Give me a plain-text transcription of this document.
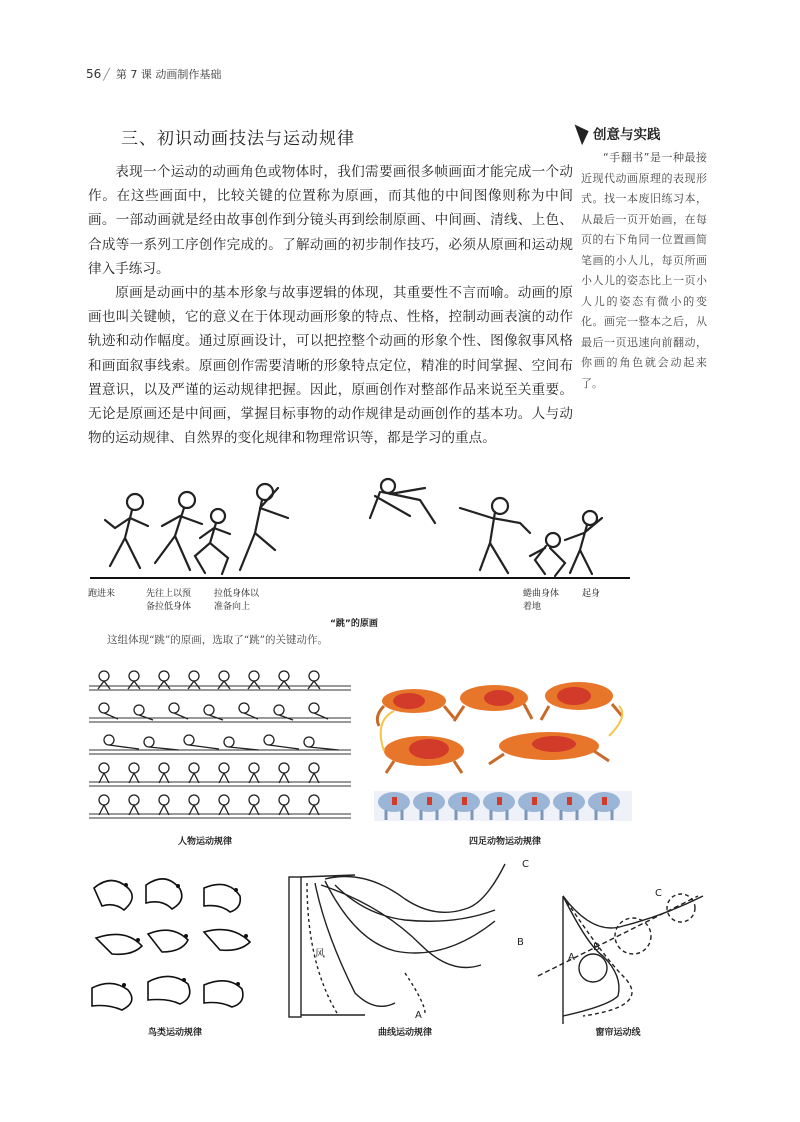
56 ╱ 第 7 课 动画制作基础
三、初识动画技法与运动规律

表现一个运动的动画角色或物体时，我们需要画很多帧画面才能完成一个动作。在这些画面中，比较关键的位置称为原画，而其他的中间图像则称为中间画。一部动画就是经由故事创作到分镜头再到绘制原画、中间画、清线、上色、合成等一系列工序创作完成的。了解动画的初步制作技巧，必须从原画和运动规律入手练习。

原画是动画中的基本形象与故事逻辑的体现，其重要性不言而喻。动画的原画也叫关键帧，它的意义在于体现动画形象的特点、性格，控制动画表演的动作轨迹和动作幅度。通过原画设计，可以把控整个动画的形象个性、图像叙事风格和画面叙事线索。原画创作需要清晰的形象特点定位，精准的时间掌握、空间布置意识，以及严谨的运动规律把握。因此，原画创作对整部作品来说至关重要。无论是原画还是中间画，掌握目标事物的动作规律是动画创作的基本功。人与动物的运动规律、自然界的变化规律和物理常识等，都是学习的重点。

创意与实践

“手翻书”是一种最接近现代动画原理的表现形式。找一本废旧练习本，从最后一页开始画，在每页的右下角同一位置画简笔画的小人儿，每页所画小人儿的姿态比上一页小人儿的姿态有微小的变化。画完一整本之后，从最后一页迅速向前翻动，你画的角色就会动起来了。

跑进来	先往上以预
备拉低身体
拉低身体以
准备向上
蜷曲身体
着地
起身
“跳”的原画
这组体现“跳”的原画，选取了“跳”的关键动作。
人物运动规律	四足动物运动规律
鸟类运动规律
风
C
B
A
曲线运动规律
C
B
A
窗帘运动线
